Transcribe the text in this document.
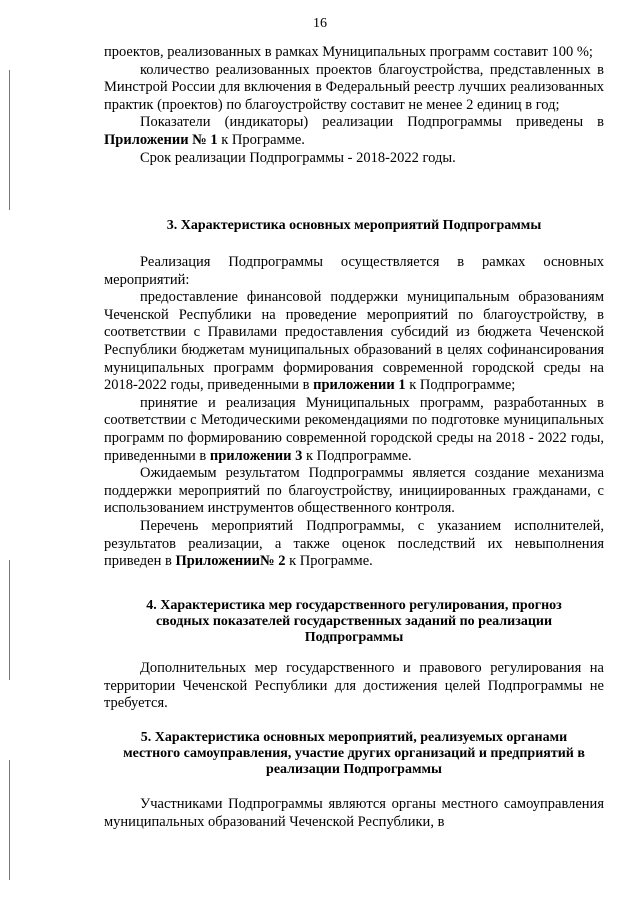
16

проектов, реализованных в рамках Муниципальных программ составит 100 %;

количество реализованных проектов благоустройства, представленных в Минстрой России для включения в Федеральный реестр лучших реализованных практик (проектов) по благоустройству составит не менее 2 единиц в год;

Показатели (индикаторы) реализации Подпрограммы приведены в Приложении № 1 к Программе.

Срок реализации Подпрограммы - 2018-2022 годы.

3. Характеристика основных мероприятий Подпрограммы

Реализация Подпрограммы осуществляется в рамках основных мероприятий:

предоставление финансовой поддержки муниципальным образованиям Чеченской Республики на проведение мероприятий по благоустройству, в соответствии с Правилами предоставления субсидий из бюджета Чеченской Республики бюджетам муниципальных образований в целях софинансирования муниципальных программ формирования современной городской среды на 2018-2022 годы, приведенными в приложении 1 к Подпрограмме;

принятие и реализация Муниципальных программ, разработанных в соответствии с Методическими рекомендациями по подготовке муниципальных программ по формированию современной городской среды на 2018 - 2022 годы, приведенными в приложении 3 к Подпрограмме.

Ожидаемым результатом Подпрограммы является создание механизма поддержки мероприятий по благоустройству, инициированных гражданами, с использованием инструментов общественного контроля.

Перечень мероприятий Подпрограммы, с указанием исполнителей, результатов реализации, а также оценок последствий их невыполнения приведен в Приложении№ 2 к Программе.

4. Характеристика мер государственного регулирования, прогноз
сводных показателей государственных заданий по реализации
Подпрограммы

Дополнительных мер государственного и правового регулирования на территории Чеченской Республики для достижения целей Подпрограммы не требуется.

5. Характеристика основных мероприятий, реализуемых органами
местного самоуправления, участие других организаций и предприятий в
реализации Подпрограммы

Участниками Подпрограммы являются органы местного самоуправления муниципальных образований Чеченской Республики, в
